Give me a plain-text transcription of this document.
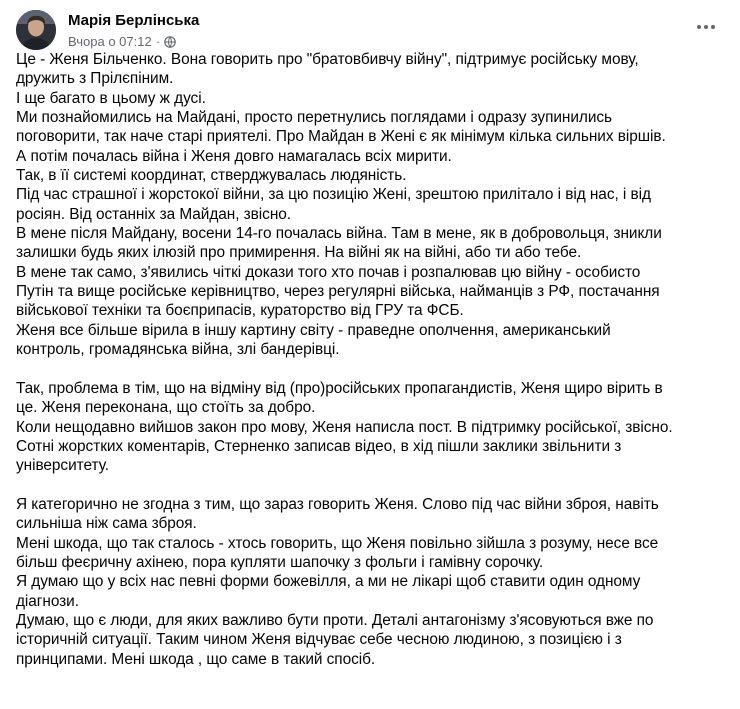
Марія Берлінська
Вчора о 07:12 ·
Це - Женя Більченко. Вона говорить про "братовбивчу війну", підтримує російську мову,
дружить з Прілєпіним.
І ще багато в цьому ж дусі.
Ми познайомились на Майдані, просто перетнулись поглядами і одразу зупинились
поговорити, так наче старі приятелі. Про Майдан в Жені є як мінімум кілька сильних віршів.
А потім почалась війна і Женя довго намагалась всіх мирити.
Так, в її системі координат, стверджувалась людяність.
Під час страшної і жорстокої війни, за цю позицію Жені, зрештою прилітало і від нас, і від
росіян. Від останніх за Майдан, звісно.
В мене після Майдану, восени 14-го почалась війна. Там в мене, як в добровольця, зникли
залишки будь яких ілюзій про примирення. На війні як на війні, або ти або тебе.
В мене так само, з'явились чіткі докази того хто почав і розпалював цю війну - особисто
Путін та вище російське керівництво, через регулярні війська, найманців з РФ, постачання
військової техніки та боєприпасів, кураторство від ГРУ та ФСБ.
Женя все більше вірила в іншу картину світу - праведне ополчення, американський
контроль, громадянська війна, злі бандерівці.
Так, проблема в тім, що на відміну від (про)російських пропагандистів, Женя щиро вірить в
це. Женя переконана, що стоїть за добро.
Коли нещодавно вийшов закон про мову, Женя написла пост. В підтримку російської, звісно.
Сотні жорстких коментарів, Стерненко записав відео, в хід пішли заклики звільнити з
університету.
Я категорично не згодна з тим, що зараз говорить Женя. Слово під час війни зброя, навіть
сильніша ніж сама зброя.
Мені шкода, що так сталось - хтось говорить, що Женя повільно зійшла з розуму, несе все
більш феєричну ахінею, пора купляти шапочку з фольги і гамівну сорочку.
Я думаю що у всіх нас певні форми божевілля, а ми не лікарі щоб ставити один одному
діагнози.
Думаю, що є люди, для яких важливо бути проти. Деталі антагонізму з'ясовуються вже по
історичній ситуації. Таким чином Женя відчуває себе чесною людиною, з позицією і з
принципами. Мені шкода , що саме в такий спосіб.
